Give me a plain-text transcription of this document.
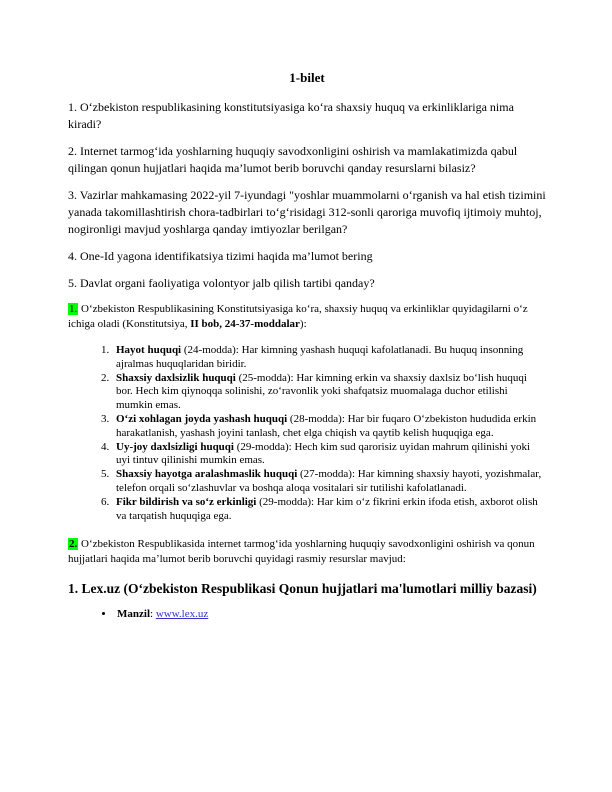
1-bilet

1. O‘zbekiston respublikasining konstitutsiyasiga ko‘ra shaxsiy huquq va erkinliklariga nima kiradi?

2. Internet tarmog‘ida yoshlarning huquqiy savodxonligini oshirish va mamlakatimizda qabul qilingan qonun hujjatlari haqida ma’lumot berib boruvchi qanday resurslarni bilasiz?

3. Vazirlar mahkamasing 2022-yil 7-iyundagi "yoshlar muammolarni o‘rganish va hal etish tizimini yanada takomillashtirish chora-tadbirlari to‘g‘risidagi 312-sonli qaroriga muvofiq ijtimoiy muhtoj, nogironligi mavjud yoshlarga qanday imtiyozlar berilgan?

4. One-Id yagona identifikatsiya tizimi haqida ma’lumot bering

5. Davlat organi faoliyatiga volontyor jalb qilish tartibi qanday?

1. O‘zbekiston Respublikasining Konstitutsiyasiga ko‘ra, shaxsiy huquq va erkinliklar quyidagilarni o‘z ichiga oladi (Konstitutsiya, II bob, 24-37-moddalar):

1. Hayot huquqi (24-modda): Har kimning yashash huquqi kafolatlanadi. Bu huquq insonning ajralmas huquqlaridan biridir.
2. Shaxsiy daxlsizlik huquqi (25-modda): Har kimning erkin va shaxsiy daxlsiz bo‘lish huquqi bor. Hech kim qiynoqqa solinishi, zo‘ravonlik yoki shafqatsiz muomalaga duchor etilishi mumkin emas.
3. O‘zi xohlagan joyda yashash huquqi (28-modda): Har bir fuqaro O‘zbekiston hududida erkin harakatlanish, yashash joyini tanlash, chet elga chiqish va qaytib kelish huquqiga ega.
4. Uy-joy daxlsizligi huquqi (29-modda): Hech kim sud qarorisiz uyidan mahrum qilinishi yoki uyi tintuv qilinishi mumkin emas.
5. Shaxsiy hayotga aralashmaslik huquqi (27-modda): Har kimning shaxsiy hayoti, yozishmalar, telefon orqali so‘zlashuvlar va boshqa aloqa vositalari sir tutilishi kafolatlanadi.
6. Fikr bildirish va so‘z erkinligi (29-modda): Har kim o‘z fikrini erkin ifoda etish, axborot olish va tarqatish huquqiga ega.

2. O‘zbekiston Respublikasida internet tarmog‘ida yoshlarning huquqiy savodxonligini oshirish va qonun hujjatlari haqida ma’lumot berib boruvchi quyidagi rasmiy resurslar mavjud:

1. Lex.uz (O‘zbekiston Respublikasi Qonun hujjatlari ma'lumotlari milliy bazasi)
• Manzil: www.lex.uz
